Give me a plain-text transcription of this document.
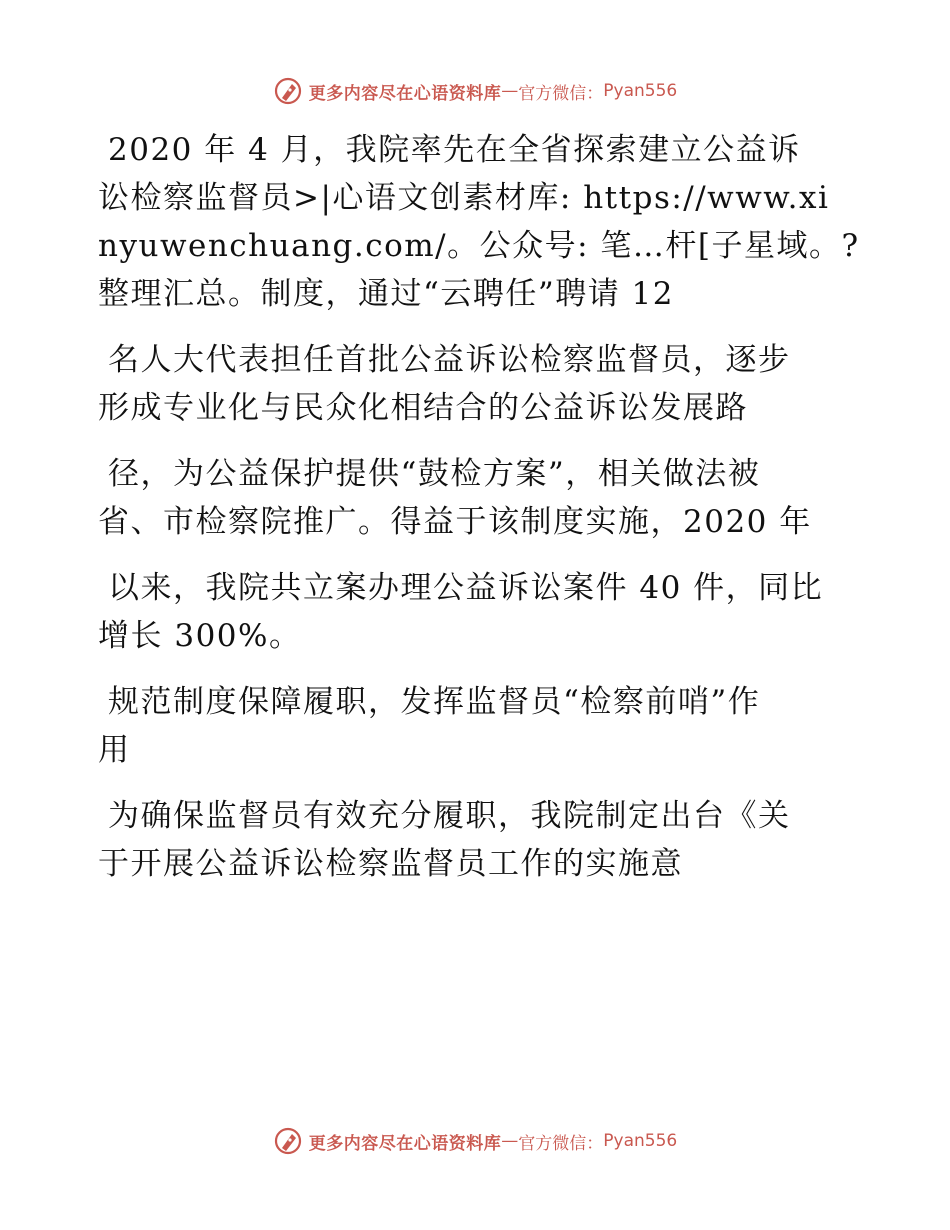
更多内容尽在心语资料库 — 官方微信： Pyan556
2020 年 4 月，我院率先在全省探索建立公益诉
讼检察监督员>|心语文创素材库: https://www.xi
nyuwenchuang.com/。公众号: 笔…杆[子星域。?
整理汇总。制度，通过“云聘任”聘请 12
名人大代表担任首批公益诉讼检察监督员，逐步
形成专业化与民众化相结合的公益诉讼发展路
径，为公益保护提供“鼓检方案”，相关做法被
省、市检察院推广。得益于该制度实施，2020 年
以来，我院共立案办理公益诉讼案件 40 件，同比
增长 300%。
规范制度保障履职，发挥监督员“检察前哨”作
用
为确保监督员有效充分履职，我院制定出台《关
于开展公益诉讼检察监督员工作的实施意
更多内容尽在心语资料库 — 官方微信： Pyan556
